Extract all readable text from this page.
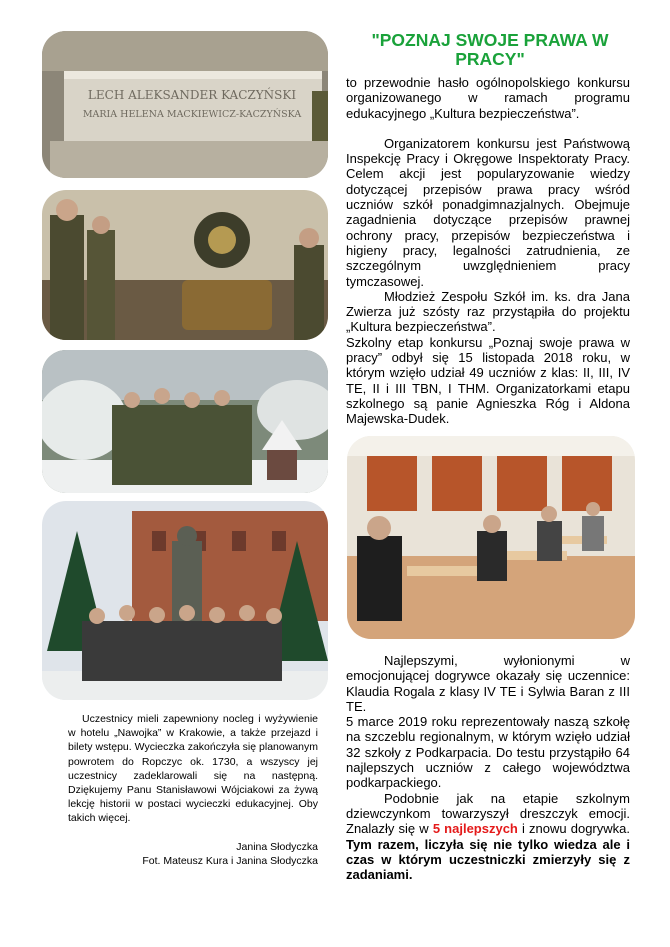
LECH ALEKSANDER KACZYŃSKI
MARIA HELENA MACKIEWICZ-KACZYŃSKA
"POZNAJ SWOJE PRAWA W PRACY"

to przewodnie hasło ogólnopolskiego konkursu organizowanego w ramach programu edukacyjnego „Kultura bezpieczeństwa”.

Organizatorem konkursu jest Państwową Inspekcję Pracy i Okręgowe Inspektoraty Pracy. Celem akcji jest popularyzowanie wiedzy dotyczącej przepisów prawa pracy wśród uczniów szkół ponadgimnazjalnych. Obejmuje zagadnienia dotyczące przepisów prawnej ochrony pracy, przepisów bezpieczeństwa i higieny pracy, legalności zatrudnienia, ze szczególnym uwzględnieniem pracy tymczasowej.

Młodzież Zespołu Szkół im. ks. dra Jana Zwierza już szósty raz przystąpiła do projektu „Kultura bezpieczeństwa”.

Szkolny etap konkursu „Poznaj swoje prawa w pracy” odbył się 15 listopada 2018 roku, w którym wzięło udział 49 uczniów z klas: II, III, IV TE, II i III TBN, I THM. Organizatorkami etapu szkolnego są panie Agnieszka Róg i Aldona Majewska-Dudek.

Najlepszymi, wyłonionymi w emocjonującej dogrywce okazały się uczennice: Klaudia Rogala z klasy IV TE i Sylwia Baran z III TE.

5 marce 2019 roku reprezentowały naszą szkołę na szczeblu regionalnym, w którym wzięło udział 32 szkoły z Podkarpacia. Do testu przystąpiło 64 najlepszych uczniów z całego województwa podkarpackiego.

Podobnie jak na etapie szkolnym dziewczynkom towarzyszył dreszczyk emocji. Znalazły się w 5 najlepszych i znowu dogrywka. Tym razem, liczyła się nie tylko wiedza ale i czas w którym uczestniczki zmierzyły się z zadaniami.

Uczestnicy mieli zapewniony nocleg i wyżywienie w hotelu „Nawojka” w Krakowie, a także przejazd i bilety wstępu. Wycieczka zakończyła się planowanym powrotem do Ropczyc ok. 1730, a wszyscy jej uczestnicy zadeklarowali się na następną. Dziękujemy Panu Stanisławowi Wójciakowi za żywą lekcję historii w postaci wycieczki edukacyjnej. Oby takich więcej.

Janina Słodyczka

Fot. Mateusz Kura i Janina Słodyczka
